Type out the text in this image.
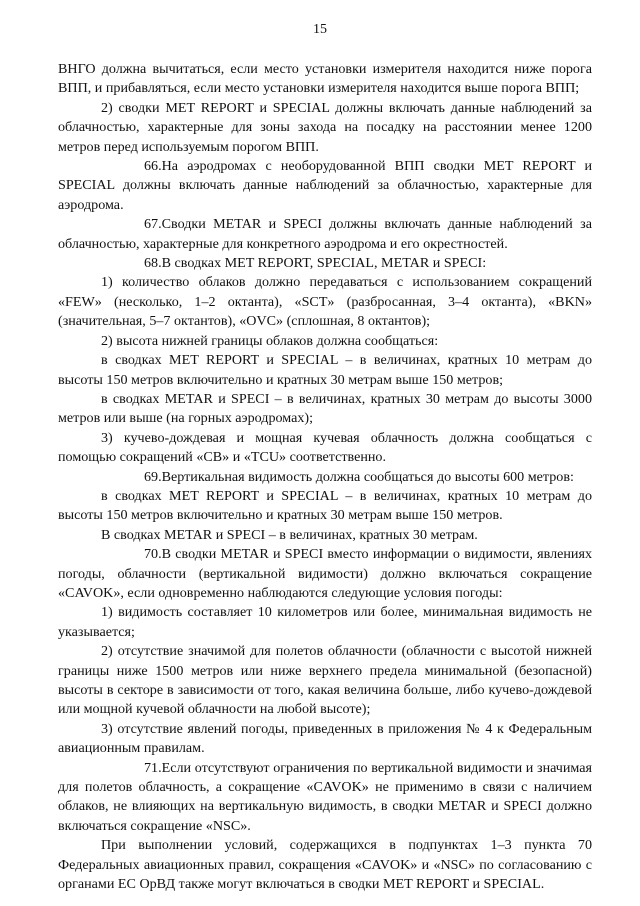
15

ВНГО должна вычитаться, если место установки измерителя находится ниже порога ВПП, и прибавляться, если место установки измерителя находится выше порога ВПП;

2) сводки MET REPORT и SPECIAL должны включать данные наблюдений за облачностью, характерные для зоны захода на посадку на расстоянии менее 1200 метров перед используемым порогом ВПП.

66.На аэродромах с необорудованной ВПП сводки MET REPORT и SPECIAL должны включать данные наблюдений за облачностью, характерные для аэродрома.

67.Сводки METAR и SPECI должны включать данные наблюдений за облачностью, характерные для конкретного аэродрома и его окрестностей.

68.В сводках MET REPORT, SPECIAL, METAR и SPECI:

1) количество облаков должно передаваться с использованием сокращений «FEW» (несколько, 1–2 октанта), «SCT» (разбросанная, 3–4 октанта), «BKN» (значительная, 5–7 октантов), «OVC» (сплошная, 8 октантов);

2) высота нижней границы облаков должна сообщаться:

в сводках MET REPORT и SPECIAL – в величинах, кратных 10 метрам до высоты 150 метров включительно и кратных 30 метрам выше 150 метров;

в сводках METAR и SPECI – в величинах, кратных 30 метрам до высоты 3000 метров или выше (на горных аэродромах);

3) кучево-дождевая и мощная кучевая облачность должна сообщаться с помощью сокращений «CB» и «TCU» соответственно.

69.Вертикальная видимость должна сообщаться до высоты 600 метров:

в сводках MET REPORT и SPECIAL – в величинах, кратных 10 метрам до высоты 150 метров включительно и кратных 30 метрам выше 150 метров.

В сводках METAR и SPECI – в величинах, кратных 30 метрам.

70.В сводки METAR и SPECI вместо информации о видимости, явлениях погоды, облачности (вертикальной видимости) должно включаться сокращение «CAVOK», если одновременно наблюдаются следующие условия погоды:

1) видимость составляет 10 километров или более, минимальная видимость не указывается;

2) отсутствие значимой для полетов облачности (облачности с высотой нижней границы ниже 1500 метров или ниже верхнего предела минимальной (безопасной) высоты в секторе в зависимости от того, какая величина больше, либо кучево-дождевой или мощной кучевой облачности на любой высоте);

3) отсутствие явлений погоды, приведенных в приложения № 4 к Федеральным авиационным правилам.

71.Если отсутствуют ограничения по вертикальной видимости и значимая для полетов облачность, а сокращение «CAVOK» не применимо в связи с наличием облаков, не влияющих на вертикальную видимость, в сводки METAR и SPECI должно включаться сокращение «NSC».

При выполнении условий, содержащихся в подпунктах 1–3 пункта 70 Федеральных авиационных правил, сокращения «CAVOK» и «NSC» по согласованию с органами ЕС ОрВД также могут включаться в сводки MET REPORT и SPECIAL.
